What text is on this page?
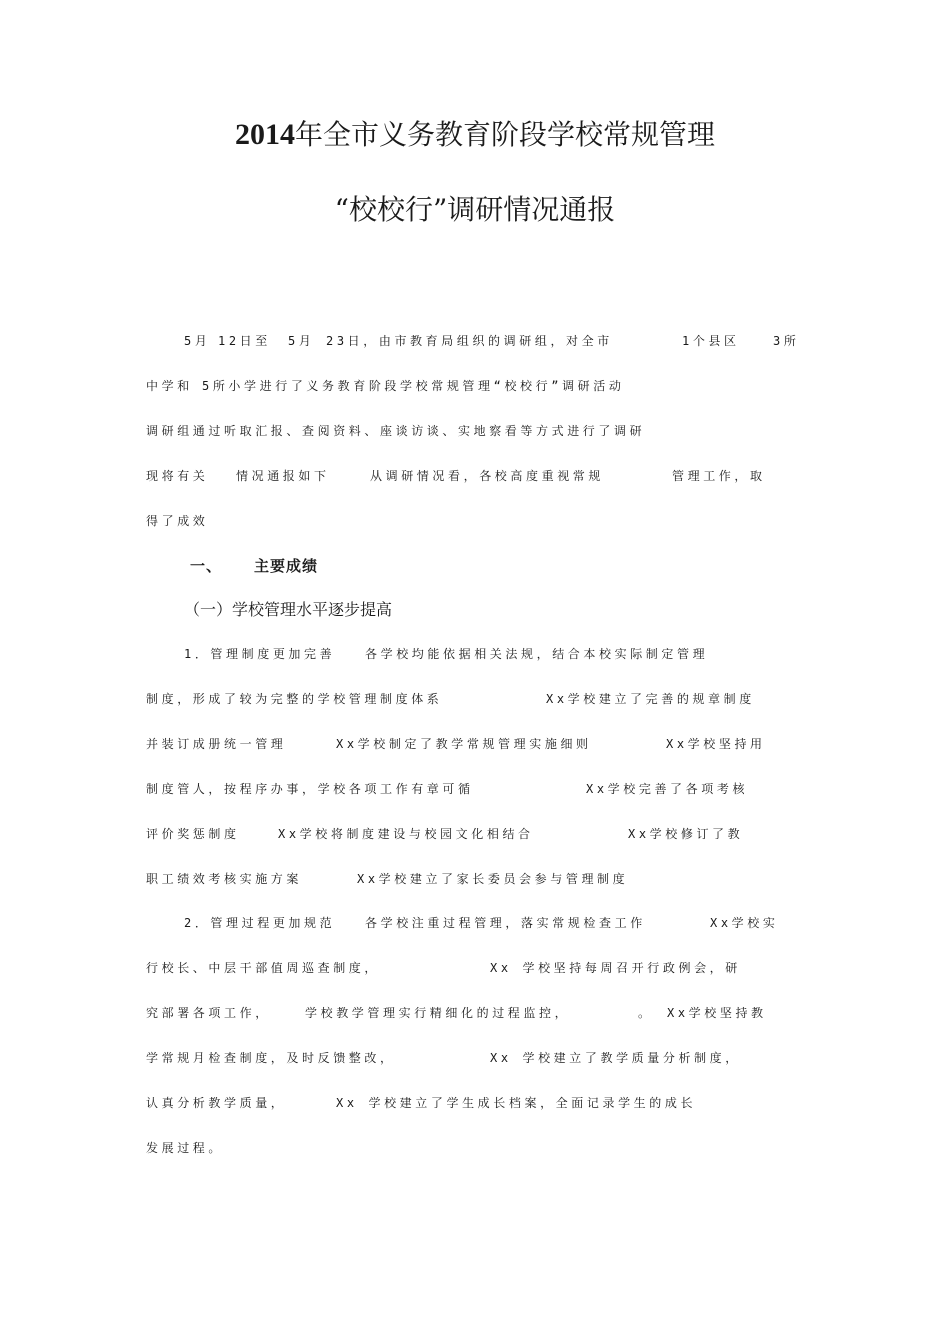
2014年全市义务教育阶段学校常规管理
“校校行”调研情况通报
5月 12日至 5月 23日，由市教育局组织的调研组，对全市	1个县区	3所
中学和 5所小学进行了义务教育阶段学校常规管理“校校行”调研活动
调研组通过听取汇报、查阅资料、座谈访谈、实地察看等方式进行了调研
现将有关 情况通报如下	从调研情况看，各校高度重视常规	管理工作，取
得了成效
一、 主要成绩
（一）学校管理水平逐步提高
1．管理制度更加完善 各学校均能依据相关法规，结合本校实际制定管理
制度，形成了较为完整的学校管理制度体系	Xx学校建立了完善的规章制度
并装订成册统一管理	Xx学校制定了教学常规管理实施细则	Xx学校坚持用
制度管人，按程序办事，学校各项工作有章可循	Xx学校完善了各项考核
评价奖惩制度	Xx学校将制度建设与校园文化相结合	Xx学校修订了教
职工绩效考核实施方案	Xx学校建立了家长委员会参与管理制度
2．管理过程更加规范 各学校注重过程管理，落实常规检查工作	Xx学校实
行校长、中层干部值周巡查制度，	Xx 学校坚持每周召开行政例会，研
究部署各项工作，	学校教学管理实行精细化的过程监控，	。 Xx学校坚持教
学常规月检查制度，及时反馈整改，	Xx 学校建立了教学质量分析制度，
认真分析教学质量，	Xx 学校建立了学生成长档案，全面记录学生的成长
发展过程。
